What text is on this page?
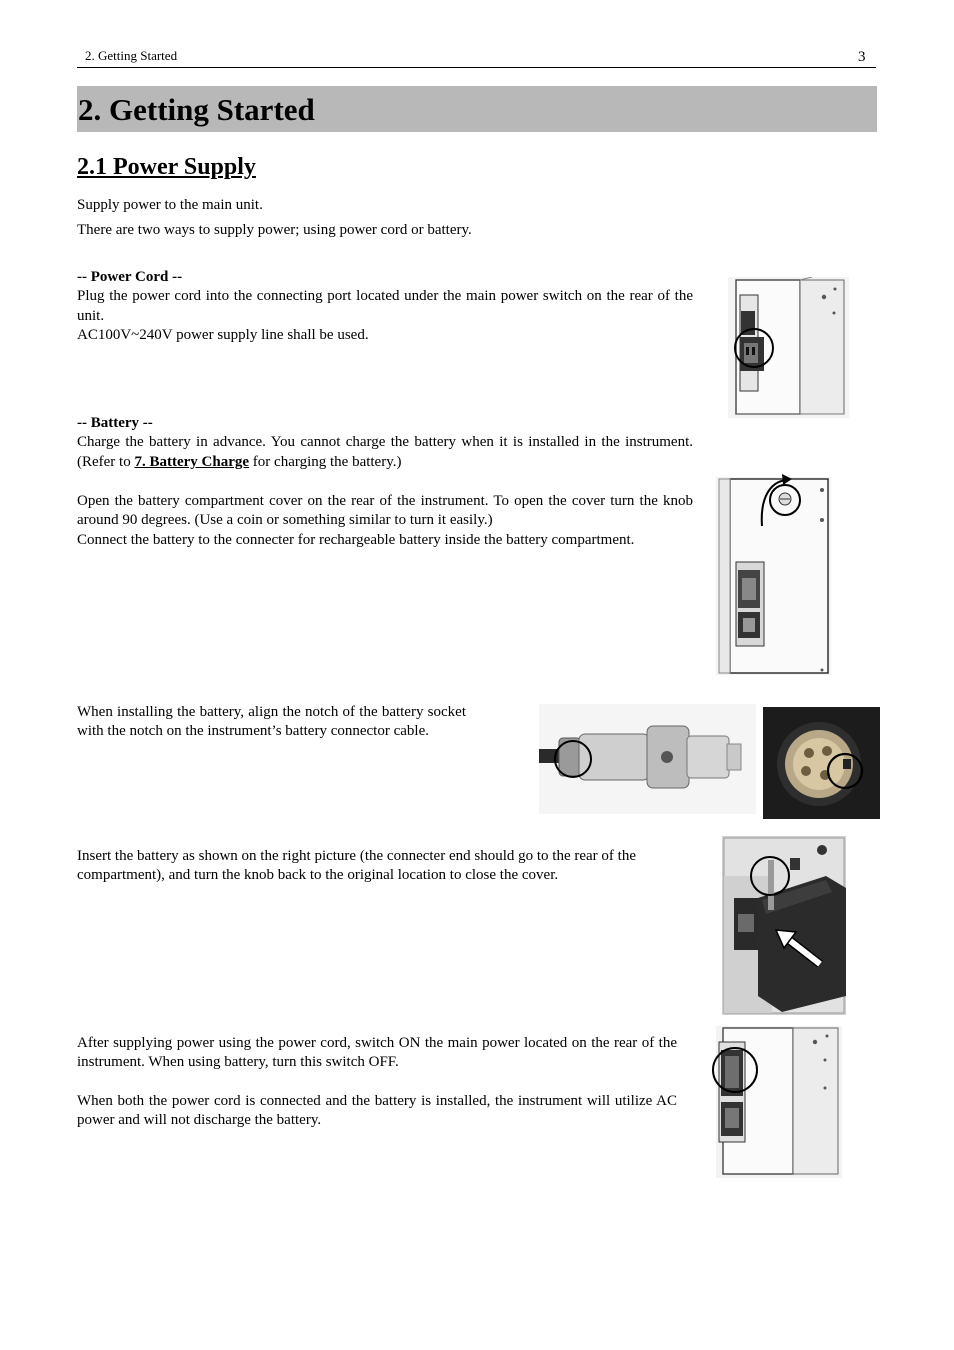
2. Getting Started	3
2. Getting Started
2.1 Power Supply
Supply power to the main unit.
There are two ways to supply power; using power cord or battery.
-- Power Cord --
Plug the power cord into the connecting port located under the main power switch on the rear of the unit.
AC100V~240V power supply line shall be used.
-- Battery --
Charge the battery in advance. You cannot charge the battery when it is installed in the instrument. (Refer to 7. Battery Charge for charging the battery.)
Open the battery compartment cover on the rear of the instrument. To open the cover turn the knob around 90 degrees. (Use a coin or something similar to turn it easily.)
Connect the battery to the connecter for rechargeable battery inside the battery compartment.
When installing the battery, align the notch of the battery socket with the notch on the instrument’s battery connector cable.
Insert the battery as shown on the right picture (the connecter end should go to the rear of the compartment), and turn the knob back to the original location to close the cover.
After supplying power using the power cord, switch ON the main power located on the rear of the instrument. When using battery, turn this switch OFF.
When both the power cord is connected and the battery is installed, the instrument will utilize AC power and will not discharge the battery.
